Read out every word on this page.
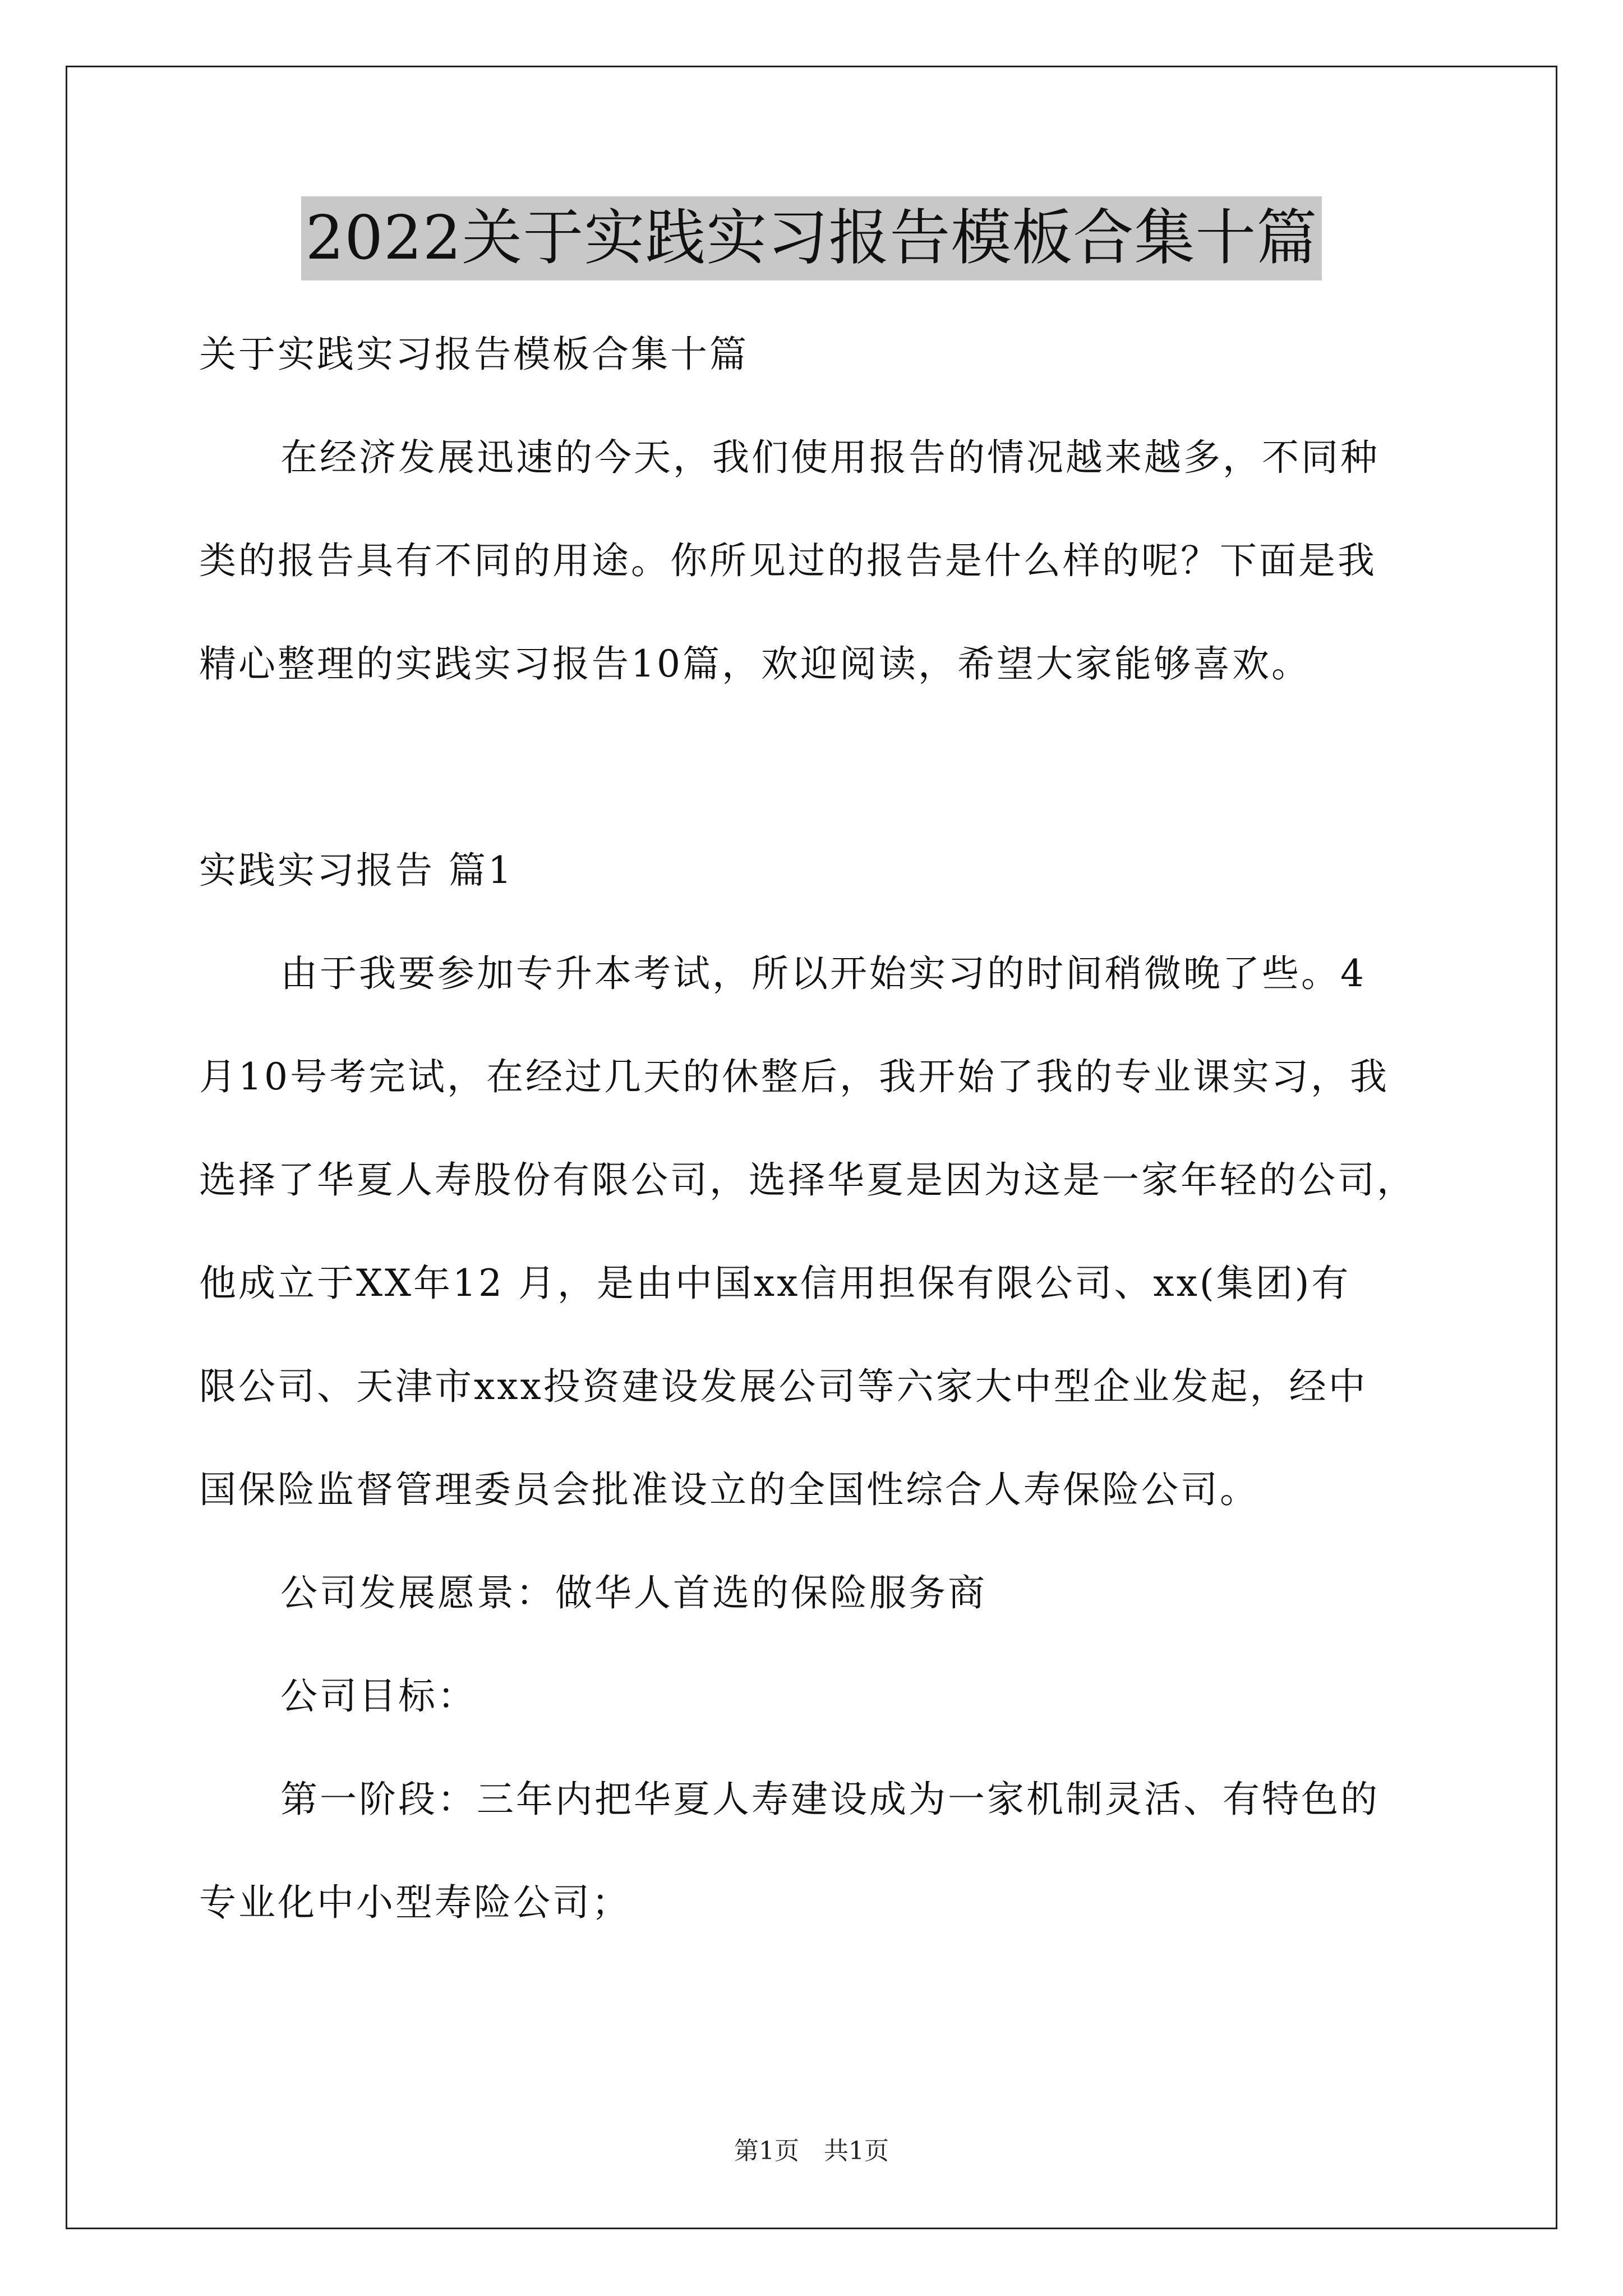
2022关于实践实习报告模板合集十篇

关于实践实习报告模板合集十篇

在经济发展迅速的今天，我们使用报告的情况越来越多，不同种

类的报告具有不同的用途。你所见过的报告是什么样的呢？下面是我

精心整理的实践实习报告10篇，欢迎阅读，希望大家能够喜欢。

实践实习报告 篇1

由于我要参加专升本考试，所以开始实习的时间稍微晚了些。4

月10号考完试，在经过几天的休整后，我开始了我的专业课实习，我

选择了华夏人寿股份有限公司，选择华夏是因为这是一家年轻的公司，

他成立于XX年12 月，是由中国xx信用担保有限公司、xx(集团)有

限公司、天津市xxx投资建设发展公司等六家大中型企业发起，经中

国保险监督管理委员会批准设立的全国性综合人寿保险公司。

公司发展愿景：做华人首选的保险服务商

公司目标：

第一阶段：三年内把华夏人寿建设成为一家机制灵活、有特色的

专业化中小型寿险公司；

第1页 共1页
